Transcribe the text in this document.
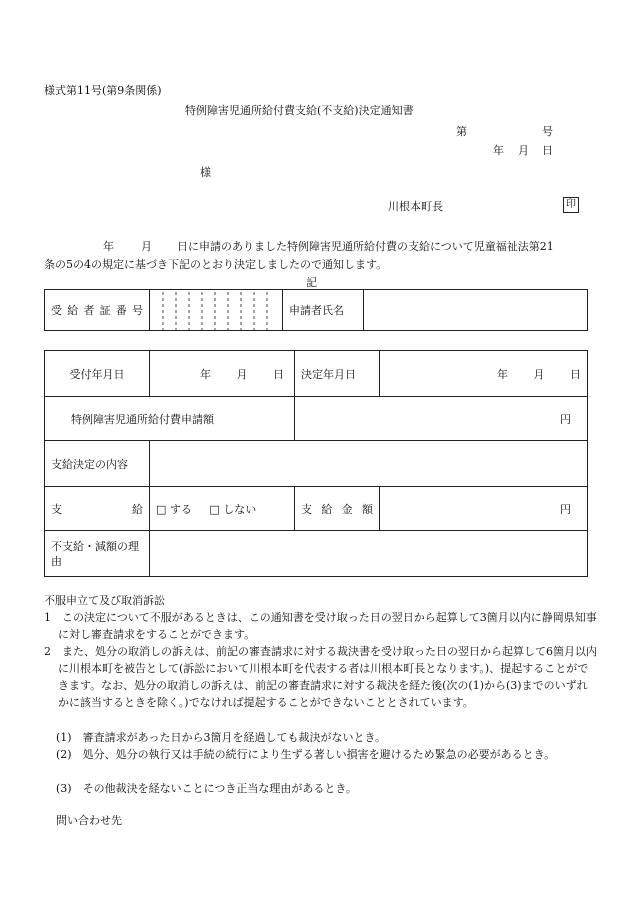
様式第11号(第9条関係)
特例障害児通所給付費支給(不支給)決定通知書
第	号
年 月 日
様
川根本町長	印
年 月 日に申請のありました特例障害児通所給付費の支給について児童福祉法第21
条の5の4の規定に基づき下記のとおり決定しましたので通知します。
記
受給者証番号		申請者氏名	
受付年月日	年 月 日	決定年月日	年 月 日
特例障害児通所給付費申請額		円	
支給決定の内容			

支給	□ する □ しない	支給金額	円
不支給・減額の理由			
不服申立て及び取消訴訟
1　この決定について不服があるときは、この通知書を受け取った日の翌日から起算して3箇月以内に静岡県知事に対し審査請求をすることができます。
2　また、処分の取消しの訴えは、前記の審査請求に対する裁決書を受け取った日の翌日から起算して6箇月以内に川根本町を被告として(訴訟において川根本町を代表する者は川根本町長となります。)、提起することができます。なお、処分の取消しの訴えは、前記の審査請求に対する裁決を経た後(次の(1)から(3)までのいずれかに該当するときを除く。)でなければ提起することができないこととされています。
(1)　審査請求があった日から3箇月を経過しても裁決がないとき。
(2)　処分、処分の執行又は手続の続行により生ずる著しい損害を避けるため緊急の必要があるとき。
(3)　その他裁決を経ないことにつき正当な理由があるとき。
問い合わせ先
